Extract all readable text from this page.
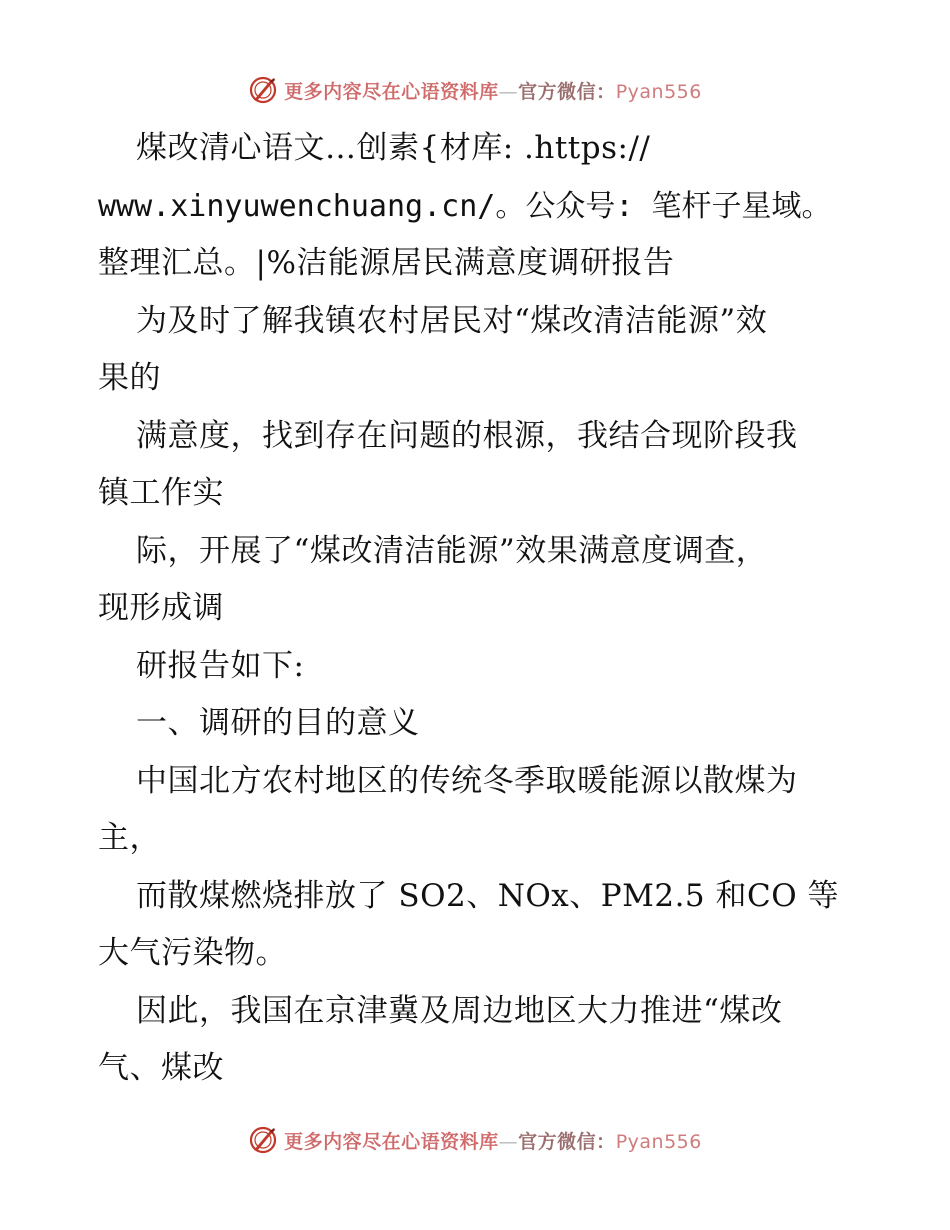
更多内容尽在心语资料库—官方微信：Pyan556
煤改清心语文…创素{材库: .https://
www.xinyuwenchuang.cn/。公众号: 笔杆子星域。
整理汇总。|%洁能源居民满意度调研报告
为及时了解我镇农村居民对“煤改清洁能源”效
果的
满意度，找到存在问题的根源，我结合现阶段我
镇工作实
际，开展了“煤改清洁能源”效果满意度调查，
现形成调
研报告如下:
一、调研的目的意义
中国北方农村地区的传统冬季取暖能源以散煤为
主，
而散煤燃烧排放了 SO2、NOx、PM2.5 和CO 等
大气污染物。
因此，我国在京津冀及周边地区大力推进“煤改
气、煤改
更多内容尽在心语资料库—官方微信：Pyan556
